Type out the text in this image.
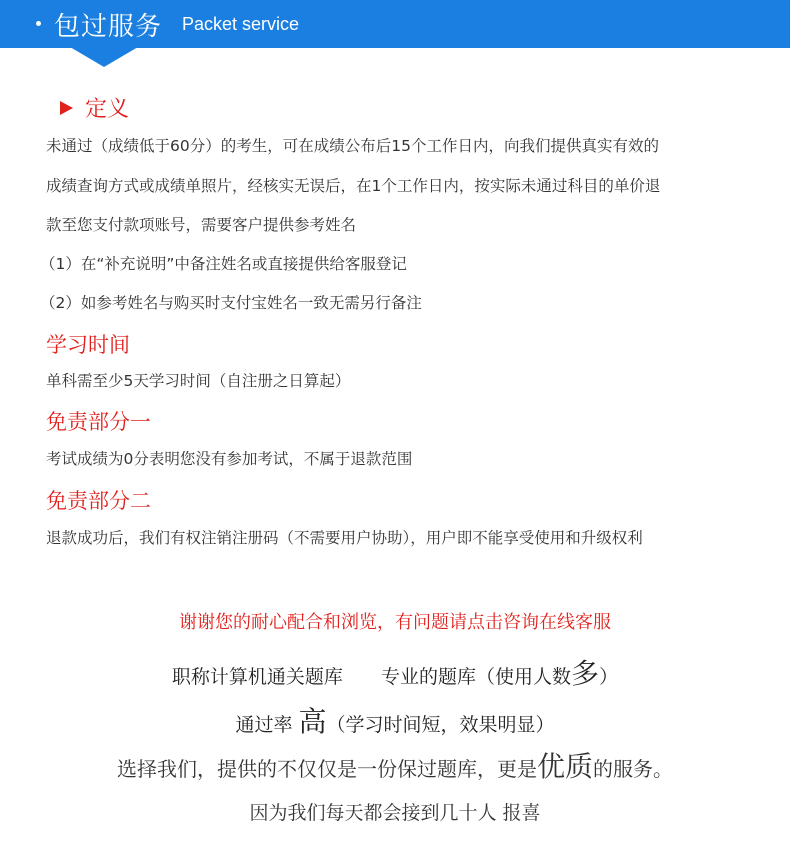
包过服务 Packet service
定义
未通过（成绩低于60分）的考生，可在成绩公布后15个工作日内，向我们提供真实有效的
成绩查询方式或成绩单照片，经核实无误后，在1个工作日内，按实际未通过科目的单价退
款至您支付款项账号，需要客户提供参考姓名
（1）在“补充说明”中备注姓名或直接提供给客服登记
（2）如参考姓名与购买时支付宝姓名一致无需另行备注
学习时间
单科需至少5天学习时间（自注册之日算起）
免责部分一
考试成绩为0分表明您没有参加考试，不属于退款范围
免责部分二
退款成功后，我们有权注销注册码（不需要用户协助），用户即不能享受使用和升级权利
谢谢您的耐心配合和浏览，有问题请点击咨询在线客服
职称计算机通关题库 专业的题库（使用人数多）
通过率 高（学习时间短，效果明显）
选择我们，提供的不仅仅是一份保过题库，更是优质的服务。
因为我们每天都会接到几十人 报喜
